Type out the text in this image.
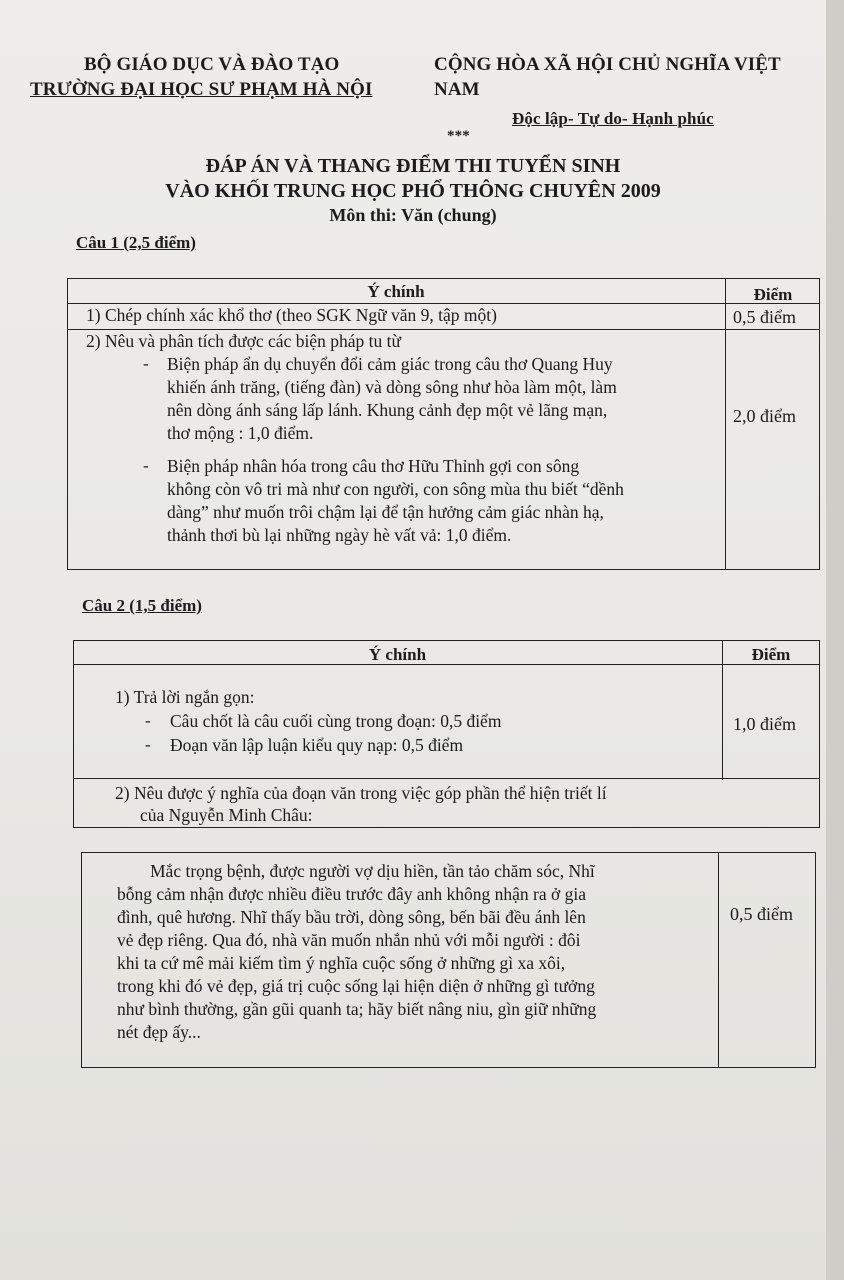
BỘ GIÁO DỤC VÀ ĐÀO TẠO
TRƯỜNG ĐẠI HỌC SƯ PHẠM HÀ NỘI
CỘNG HÒA XÃ HỘI CHỦ NGHĨA VIỆT
NAM
Độc lập- Tự do- Hạnh phúc
***
ĐÁP ÁN VÀ THANG ĐIỂM THI TUYỂN SINH
VÀO KHỐI TRUNG HỌC PHỔ THÔNG CHUYÊN 2009
Môn thi: Văn (chung)
Câu 1 (2,5 điểm)
Ý chính	Điểm
1) Chép chính xác khổ thơ (theo SGK Ngữ văn 9, tập một)	0,5 điểm
2) Nêu và phân tích được các biện pháp tu từ
- Biện pháp ẩn dụ chuyển đổi cảm giác trong câu thơ Quang Huy
khiến ánh trăng, (tiếng đàn) và dòng sông như hòa làm một, làm
nên dòng ánh sáng lấp lánh. Khung cảnh đẹp một vẻ lãng mạn,
thơ mộng : 1,0 điểm.
- Biện pháp nhân hóa trong câu thơ Hữu Thỉnh gợi con sông
không còn vô tri mà như con người, con sông mùa thu biết “dềnh
dàng” như muốn trôi chậm lại để tận hưởng cảm giác nhàn hạ,
thảnh thơi bù lại những ngày hè vất vả: 1,0 điểm.
2,0 điểm
Câu 2 (1,5 điểm)
Ý chính	Điểm
1) Trả lời ngắn gọn:
- Câu chốt là câu cuối cùng trong đoạn: 0,5 điểm
- Đoạn văn lập luận kiểu quy nạp: 0,5 điểm
1,0 điểm
2) Nêu được ý nghĩa của đoạn văn trong việc góp phần thể hiện triết lí
của Nguyễn Minh Châu:
Mắc trọng bệnh, được người vợ dịu hiền, tần tảo chăm sóc, Nhĩ
bỗng cảm nhận được nhiều điều trước đây anh không nhận ra ở gia
đình, quê hương. Nhĩ thấy bầu trời, dòng sông, bến bãi đều ánh lên
vẻ đẹp riêng. Qua đó, nhà văn muốn nhắn nhủ với mỗi người : đôi
khi ta cứ mê mải kiếm tìm ý nghĩa cuộc sống ở những gì xa xôi,
trong khi đó vẻ đẹp, giá trị cuộc sống lại hiện diện ở những gì tưởng
như bình thường, gần gũi quanh ta; hãy biết nâng niu, gìn giữ những
nét đẹp ấy...
0,5 điểm
